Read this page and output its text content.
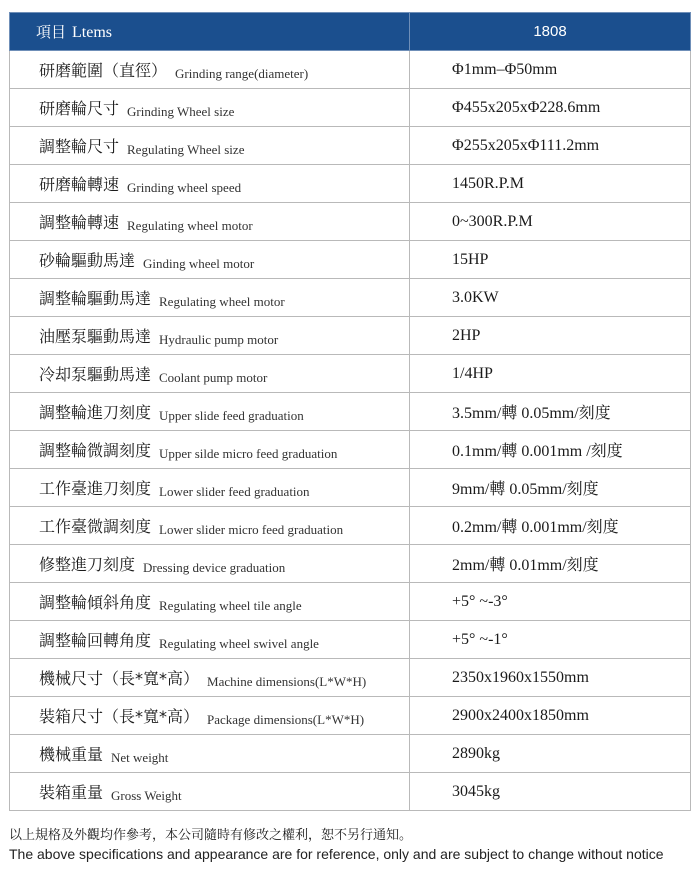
項目 Ltems	1808
研磨範圍（直徑） Grinding range(diameter)	Φ1mm–Φ50mm
研磨輪尺寸 Grinding Wheel size	Φ455x205xΦ228.6mm
調整輪尺寸 Regulating Wheel size	Φ255x205xΦ111.2mm
研磨輪轉速 Grinding wheel speed	1450R.P.M
調整輪轉速 Regulating wheel motor	0~300R.P.M
砂輪驅動馬達 Ginding wheel motor	15HP
調整輪驅動馬達 Regulating wheel motor	3.0KW
油壓泵驅動馬達 Hydraulic pump motor	2HP
冷却泵驅動馬達 Coolant pump motor	1/4HP
調整輪進刀刻度 Upper slide feed graduation	3.5mm/轉 0.05mm/刻度
調整輪微調刻度 Upper silde micro feed graduation	0.1mm/轉 0.001mm /刻度
工作臺進刀刻度 Lower slider feed graduation	9mm/轉 0.05mm/刻度
工作臺微調刻度 Lower slider micro feed graduation	0.2mm/轉 0.001mm/刻度
修整進刀刻度 Dressing device graduation	2mm/轉 0.01mm/刻度
調整輪傾斜角度 Regulating wheel tile angle	+5° ~-3°
調整輪回轉角度 Regulating wheel swivel angle	+5° ~-1°
機械尺寸（長*寬*高） Machine dimensions(L*W*H)	2350x1960x1550mm
裝箱尺寸（長*寬*高） Package dimensions(L*W*H)	2900x2400x1850mm
機械重量 Net weight	2890kg
裝箱重量 Gross Weight	3045kg
以上規格及外觀均作參考，本公司隨時有修改之權利，恕不另行通知。
The above specifications and appearance are for reference, only and are subject to change without notice
